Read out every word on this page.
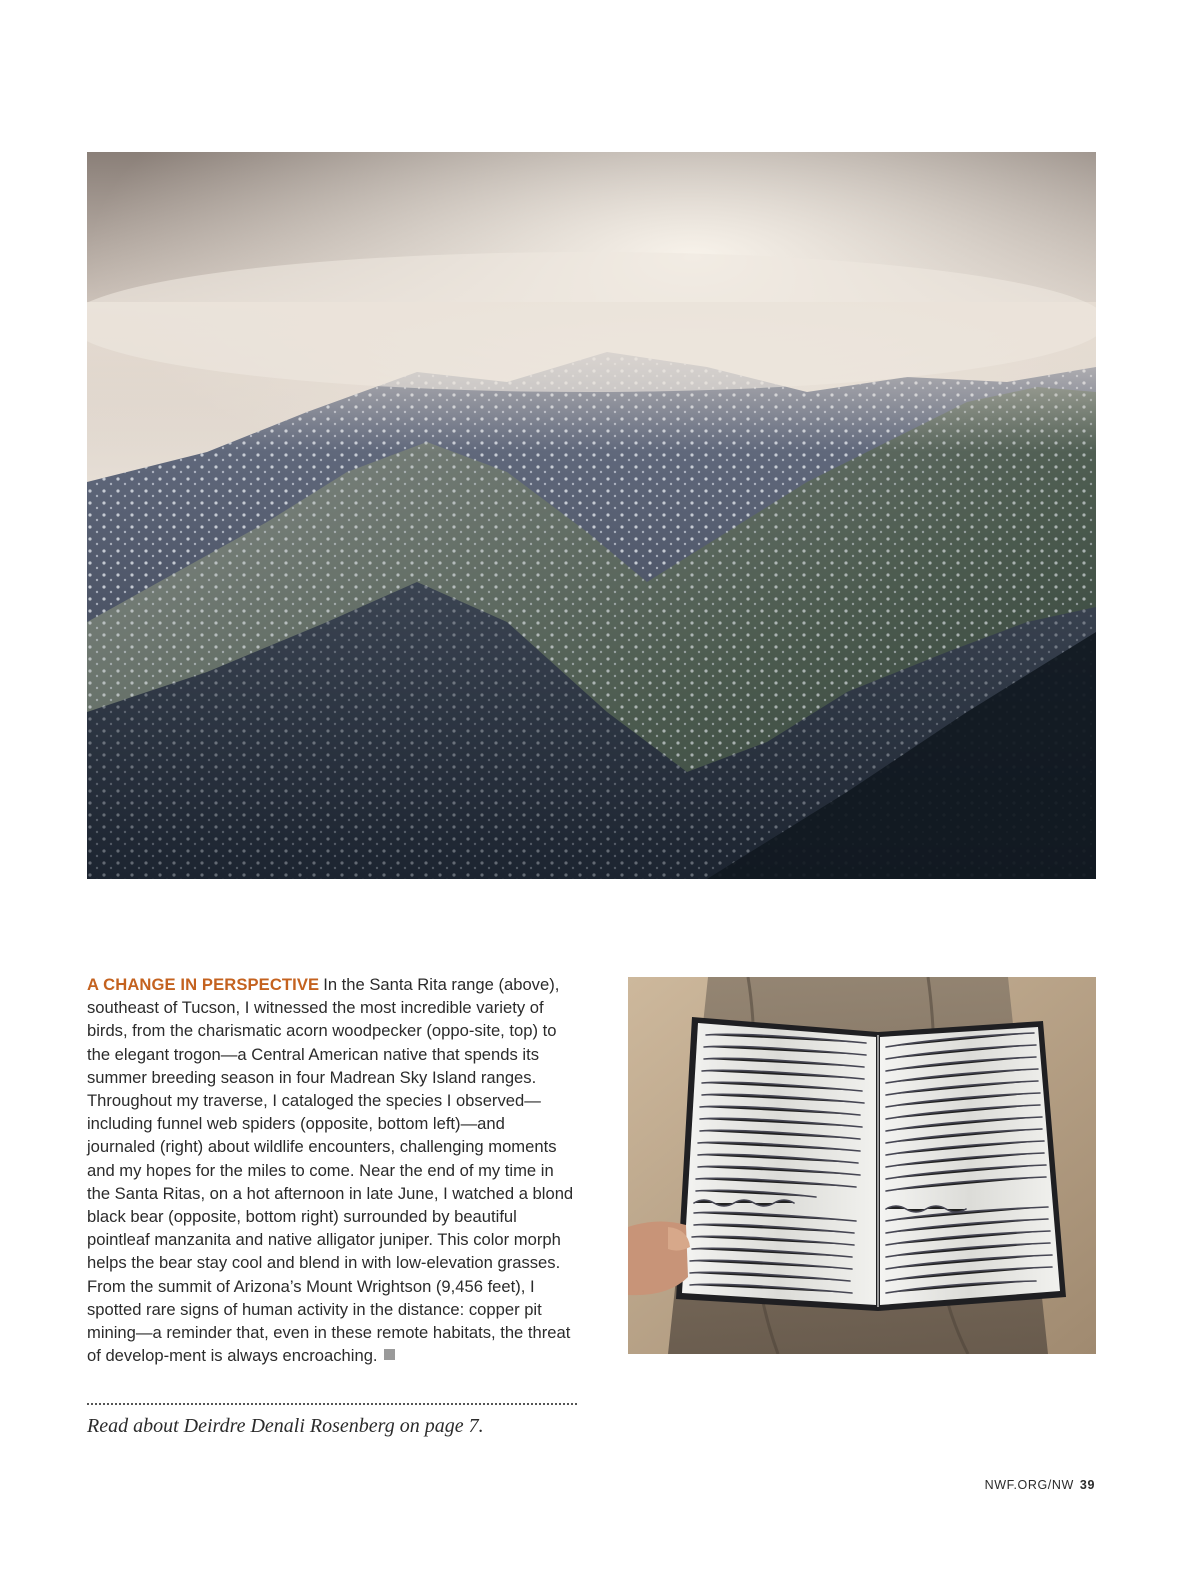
A CHANGE IN PERSPECTIVE In the Santa Rita range (above), southeast of Tucson, I witnessed the most incredible variety of birds, from the charismatic acorn woodpecker (oppo-site, top) to the elegant trogon—a Central American native that spends its summer breeding season in four Madrean Sky Island ranges. Throughout my traverse, I cataloged the species I observed—including funnel web spiders (opposite, bottom left)—and journaled (right) about wildlife encounters, challenging moments and my hopes for the miles to come. Near the end of my time in the Santa Ritas, on a hot afternoon in late June, I watched a blond black bear (opposite, bottom right) surrounded by beautiful pointleaf manzanita and native alligator juniper. This color morph helps the bear stay cool and blend in with low-elevation grasses. From the summit of Arizona’s Mount Wrightson (9,456 feet), I spotted rare signs of human activity in the distance: copper pit mining—a reminder that, even in these remote habitats, the threat of develop-ment is always encroaching.
Read about Deirdre Denali Rosenberg on page 7.
NWF.ORG/NW 39
